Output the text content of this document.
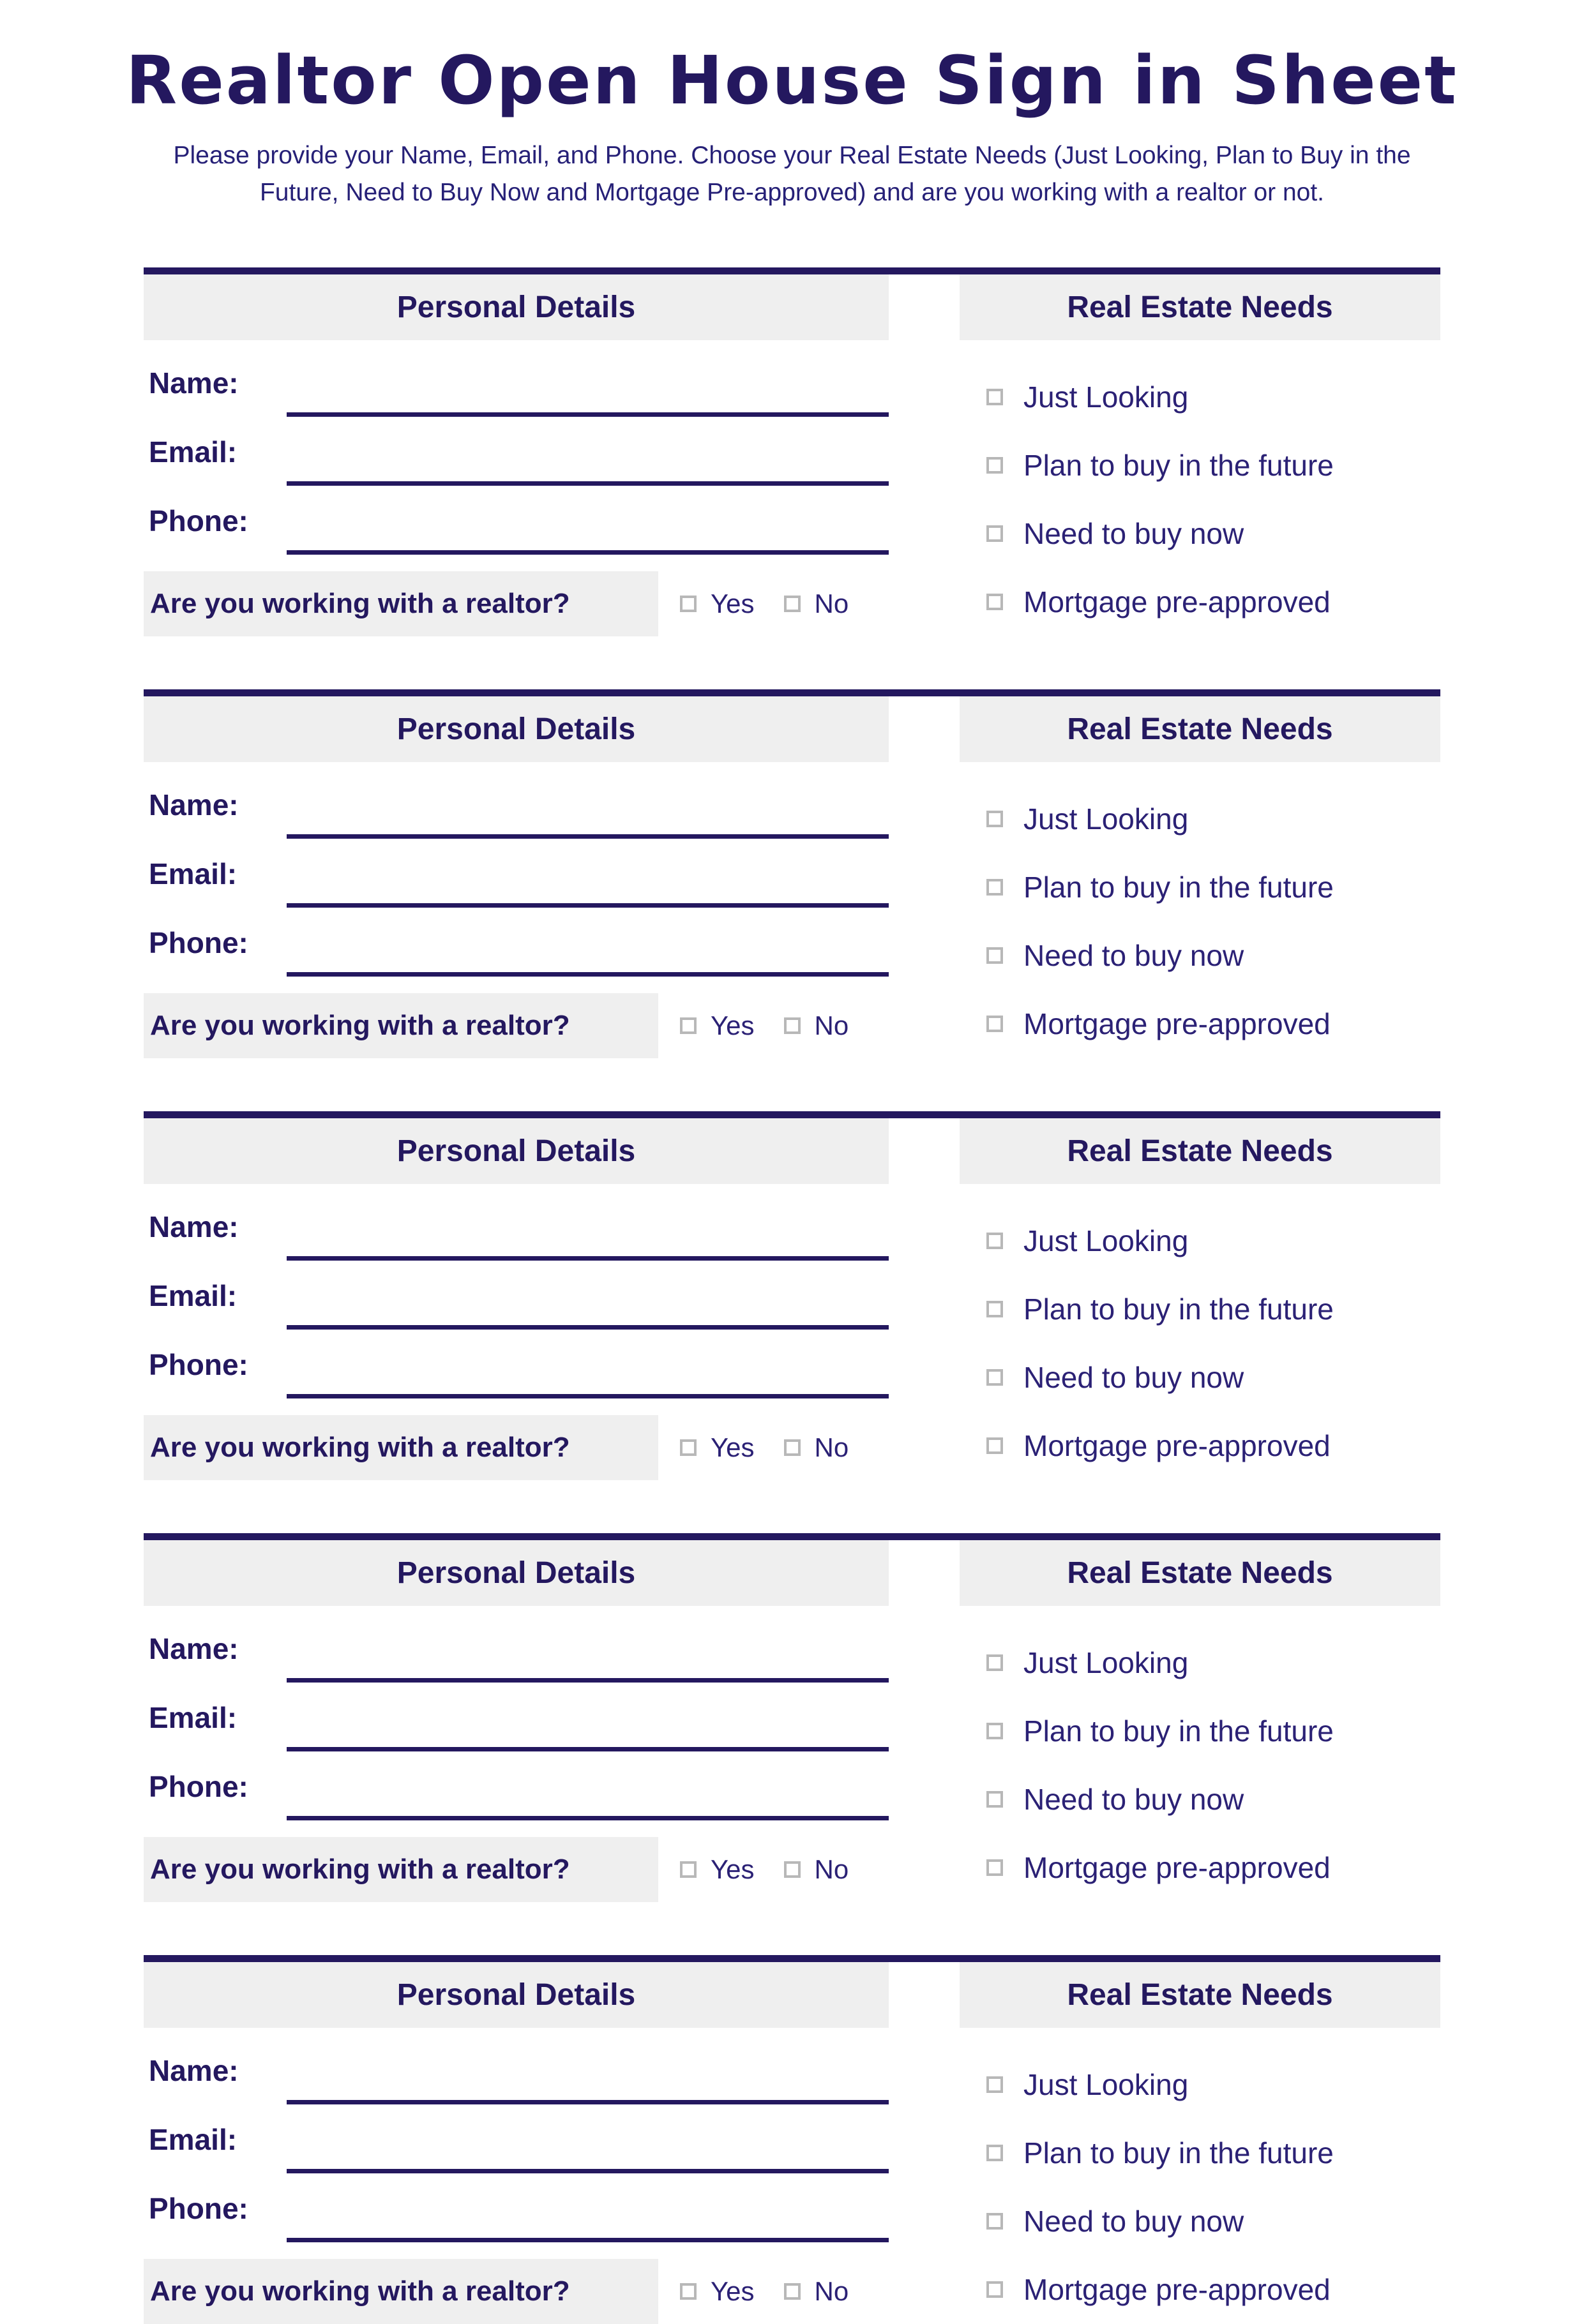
Realtor Open House Sign in Sheet

Please provide your Name, Email, and Phone. Choose your Real Estate Needs (Just Looking, Plan to Buy in the Future, Need to Buy Now and Mortgage Pre-approved) and are you working with a realtor or not.

Personal Details
Name:
Email:
Phone:
Are you working with a realtor?	Yes No
Real Estate Needs
Just Looking
Plan to buy in the future
Need to buy now
Mortgage pre-approved
Personal Details
Name:
Email:
Phone:
Are you working with a realtor?	Yes No
Real Estate Needs
Just Looking
Plan to buy in the future
Need to buy now
Mortgage pre-approved
Personal Details
Name:
Email:
Phone:
Are you working with a realtor?	Yes No
Real Estate Needs
Just Looking
Plan to buy in the future
Need to buy now
Mortgage pre-approved
Personal Details
Name:
Email:
Phone:
Are you working with a realtor?	Yes No
Real Estate Needs
Just Looking
Plan to buy in the future
Need to buy now
Mortgage pre-approved
Personal Details
Name:
Email:
Phone:
Are you working with a realtor?	Yes No
Real Estate Needs
Just Looking
Plan to buy in the future
Need to buy now
Mortgage pre-approved
